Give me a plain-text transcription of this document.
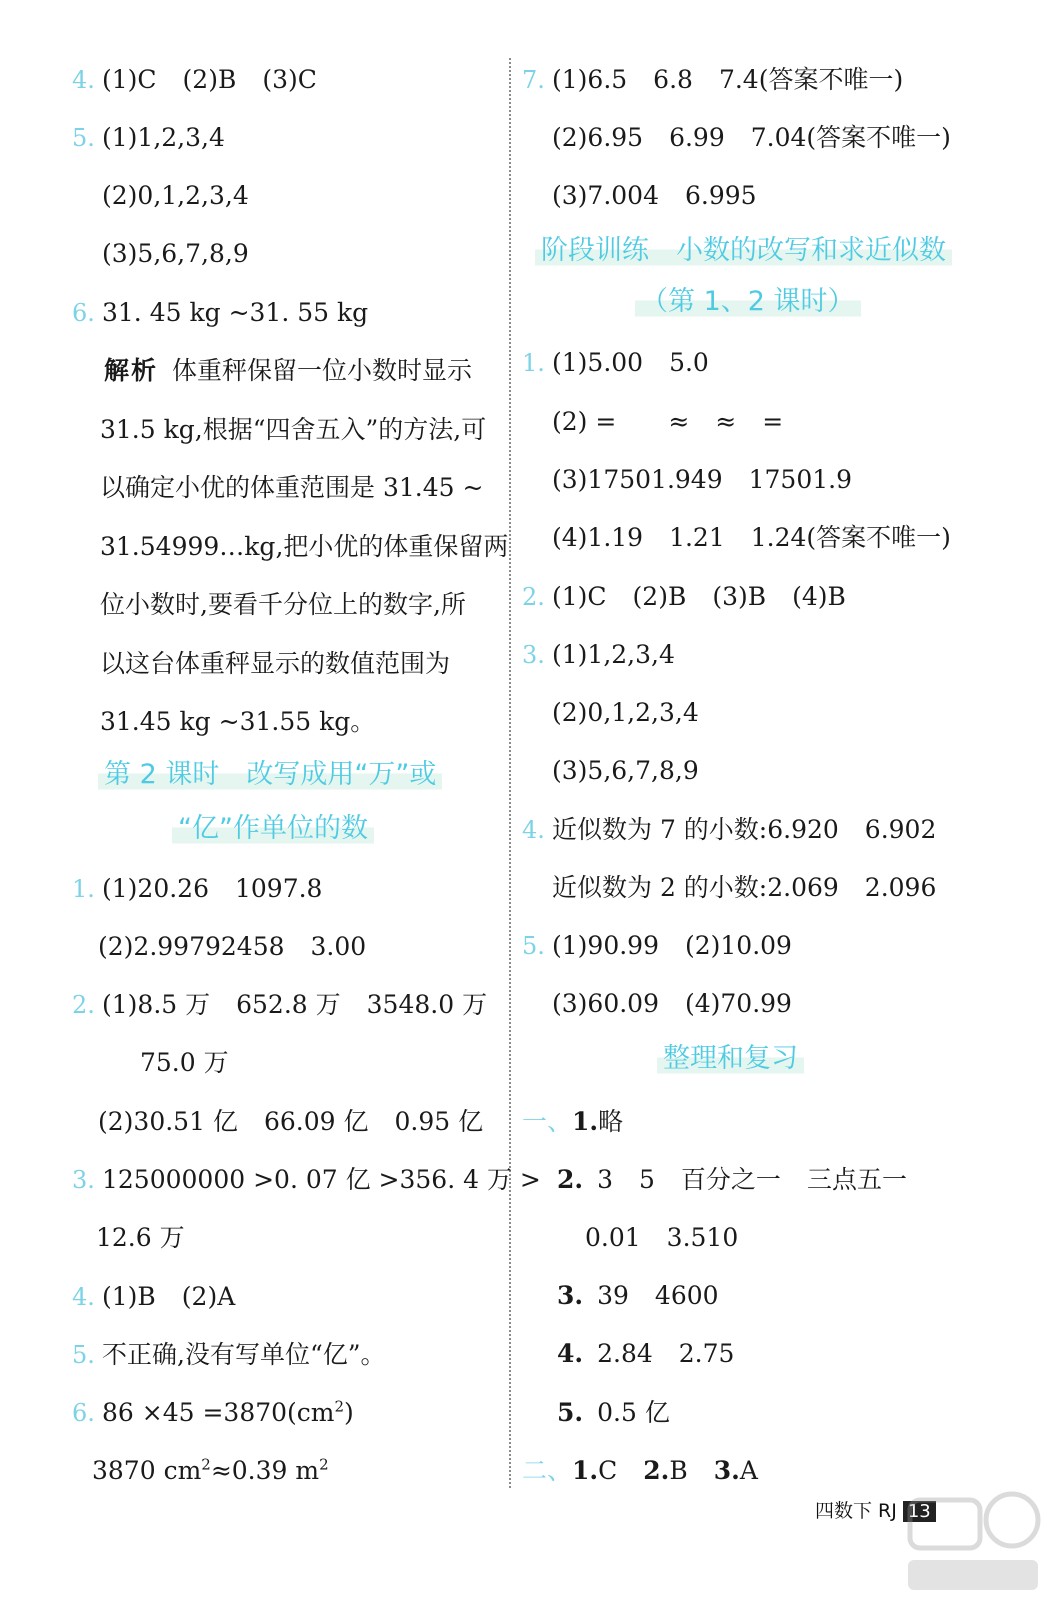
4. (1)C (2)B (3)C
5. (1)1,2,3,4
(2)0,1,2,3,4
(3)5,6,7,8,9
6. 31. 45 kg ~31. 55 kg
解析 体重秤保留一位小数时显示
31.5 kg,根据“四舍五入”的方法,可
以确定小优的体重范围是 31.45 ~
31.54999…kg,把小优的体重保留两
位小数时,要看千分位上的数字,所
以这台体重秤显示的数值范围为
31.45 kg ~31.55 kg。
第 2 课时　改写成用“万”或
“亿”作单位的数
1. (1)20.26 1097.8
(2)2.99792458 3.00
2. (1)8.5 万 652.8 万 3548.0 万
75.0 万
(2)30.51 亿 66.09 亿 0.95 亿
3. 125000000 >0. 07 亿 >356. 4 万 >
12.6 万
4. (1)B (2)A
5. 不正确,没有写单位“亿”。
6. $86 \times 45 =3870(cm^2)$
3870 $cm^2\approx 0.39$ $m^2$
7. (1)6.5 6.8 7.4(答案不唯一)
(2)6.95 6.99 7.04(答案不唯一)
(3)7.004 6.995
阶段训练　小数的改写和求近似数
（第 1、2 课时）
1. (1)5.00 5.0
(2) = ≈ ≈ =
(3)17501.949 17501.9
(4)1.19 1.21 1.24(答案不唯一)
2. (1)C (2)B (3)B (4)B
3. (1)1,2,3,4
(2)0,1,2,3,4
(3)5,6,7,8,9
4. 近似数为 7 的小数:6.920 6.902
近似数为 2 的小数:2.069 2.096
5. (1)90.99 (2)10.09
(3)60.09 (4)70.99
整理和复习
一、1.略
2. 3 5 百分之一 三点五一
0.01 3.510
3. 39 4600
4. 2.84 2.75
5. 0.5 亿
二、1.C 2.B 3.A
四数下 RJ 13
